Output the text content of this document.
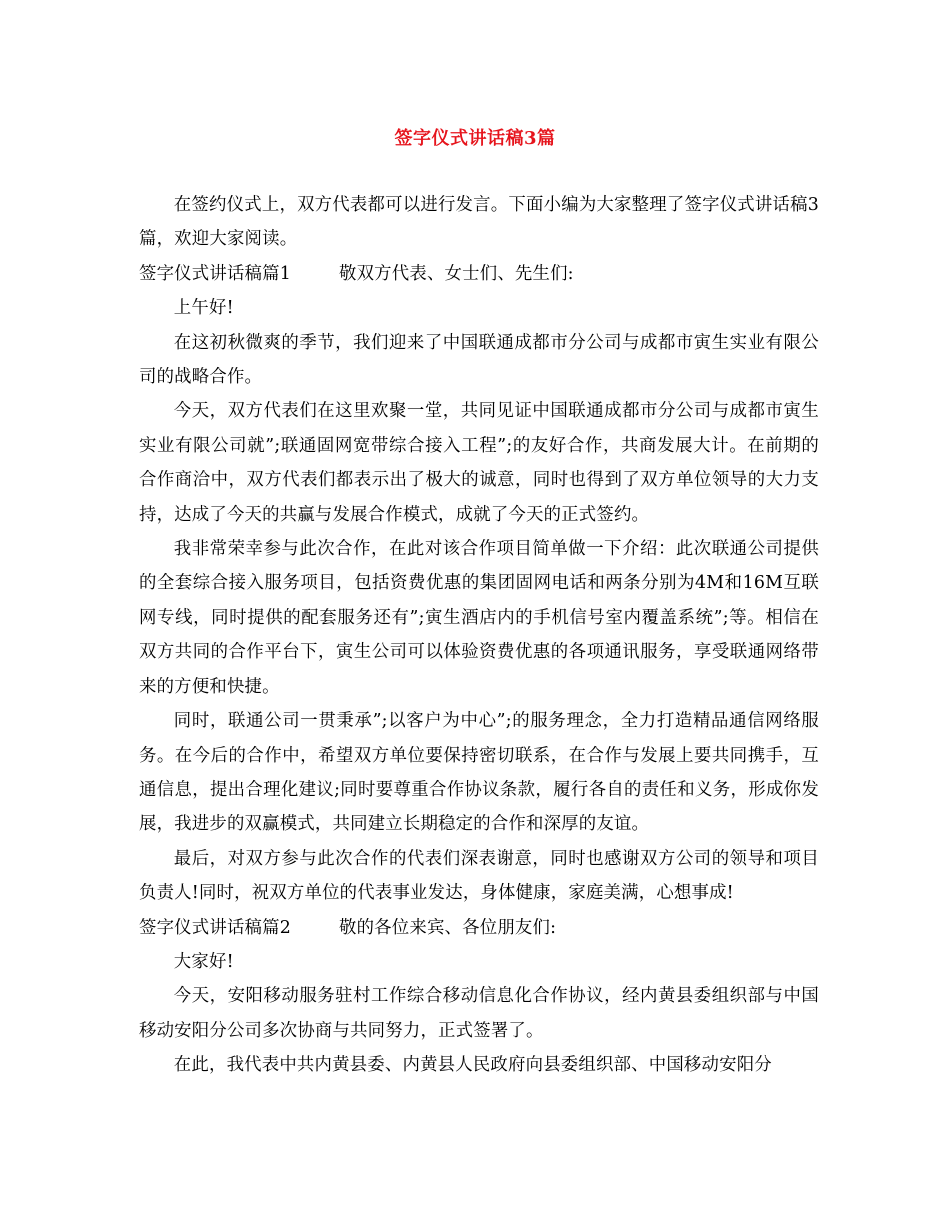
签字仪式讲话稿3篇

在签约仪式上，双方代表都可以进行发言。下面小编为大家整理了签字仪式讲话稿3篇，欢迎大家阅读。

签字仪式讲话稿篇1	敬双方代表、女士们、先生们:

上午好!

在这初秋微爽的季节，我们迎来了中国联通成都市分公司与成都市寅生实业有限公司的战略合作。

今天，双方代表们在这里欢聚一堂，共同见证中国联通成都市分公司与成都市寅生实业有限公司就”;联通固网宽带综合接入工程”;的友好合作，共商发展大计。在前期的合作商洽中，双方代表们都表示出了极大的诚意，同时也得到了双方单位领导的大力支持，达成了今天的共赢与发展合作模式，成就了今天的正式签约。

我非常荣幸参与此次合作，在此对该合作项目简单做一下介绍：此次联通公司提供的全套综合接入服务项目，包括资费优惠的集团固网电话和两条分别为4M和16M互联网专线，同时提供的配套服务还有”;寅生酒店内的手机信号室内覆盖系统”;等。相信在双方共同的合作平台下，寅生公司可以体验资费优惠的各项通讯服务，享受联通网络带来的方便和快捷。

同时，联通公司一贯秉承”;以客户为中心”;的服务理念，全力打造精品通信网络服务。在今后的合作中，希望双方单位要保持密切联系，在合作与发展上要共同携手，互通信息，提出合理化建议;同时要尊重合作协议条款，履行各自的责任和义务，形成你发展，我进步的双赢模式，共同建立长期稳定的合作和深厚的友谊。

最后，对双方参与此次合作的代表们深表谢意，同时也感谢双方公司的领导和项目负责人!同时，祝双方单位的代表事业发达，身体健康，家庭美满，心想事成!

签字仪式讲话稿篇2	敬的各位来宾、各位朋友们:

大家好!

今天，安阳移动服务驻村工作综合移动信息化合作协议，经内黄县委组织部与中国移动安阳分公司多次协商与共同努力，正式签署了。

在此，我代表中共内黄县委、内黄县人民政府向县委组织部、中国移动安阳分
